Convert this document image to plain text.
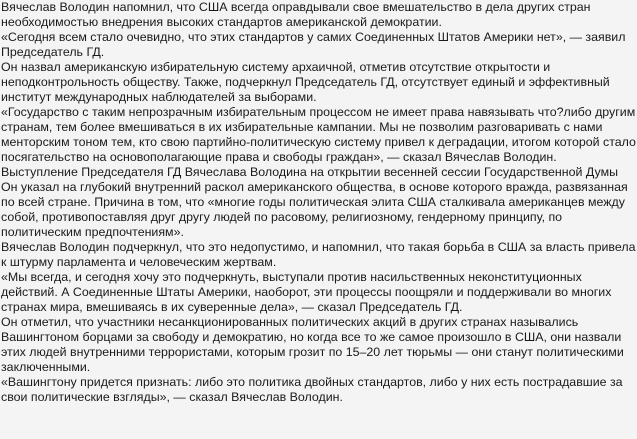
Вячеслав Володин напомнил, что США всегда оправдывали свое вмешательство в дела других стран необходимостью внедрения высоких стандартов американской демократии.

«Сегодня всем стало очевидно, что этих стандартов у самих Соединенных Штатов Америки нет», — заявил Председатель ГД.

Он назвал американскую избирательную систему архаичной, отметив отсутствие открытости и неподконтрольность обществу. Также, подчеркнул Председатель ГД, отсутствует единый и эффективный институт международных наблюдателей за выборами.

«Государство с таким непрозрачным избирательным процессом не имеет права навязывать что?либо другим странам, тем более вмешиваться в их избирательные кампании. Мы не позволим разговаривать с нами менторским тоном тем, кто свою партийно-политическую систему привел к деградации, итогом которой стало посягательство на основополагающие права и свободы граждан», — сказал Вячеслав Володин.

Выступление Председателя ГД Вячеслава Володина на открытии весенней сессии Государственной Думы

Он указал на глубокий внутренний раскол американского общества, в основе которого вражда, развязанная по всей стране. Причина в том, что «многие годы политическая элита США сталкивала американцев между собой, противопоставляя друг другу людей по расовому, религиозному, гендерному принципу, по политическим предпочтениям».

Вячеслав Володин подчеркнул, что это недопустимо, и напомнил, что такая борьба в США за власть привела к штурму парламента и человеческим жертвам.

«Мы всегда, и сегодня хочу это подчеркнуть, выступали против насильственных неконституционных действий. А Соединенные Штаты Америки, наоборот, эти процессы поощряли и поддерживали во многих странах мира, вмешиваясь в их суверенные дела», — сказал Председатель ГД.

Он отметил, что участники несанкционированных политических акций в других странах назывались Вашингтоном борцами за свободу и демократию, но когда все то же самое произошло в США, они назвали этих людей внутренними террористами, которым грозит по 15–20 лет тюрьмы — они станут политическими заключенными.

«Вашингтону придется признать: либо это политика двойных стандартов, либо у них есть пострадавшие за свои политические взгляды», — сказал Вячеслав Володин.
